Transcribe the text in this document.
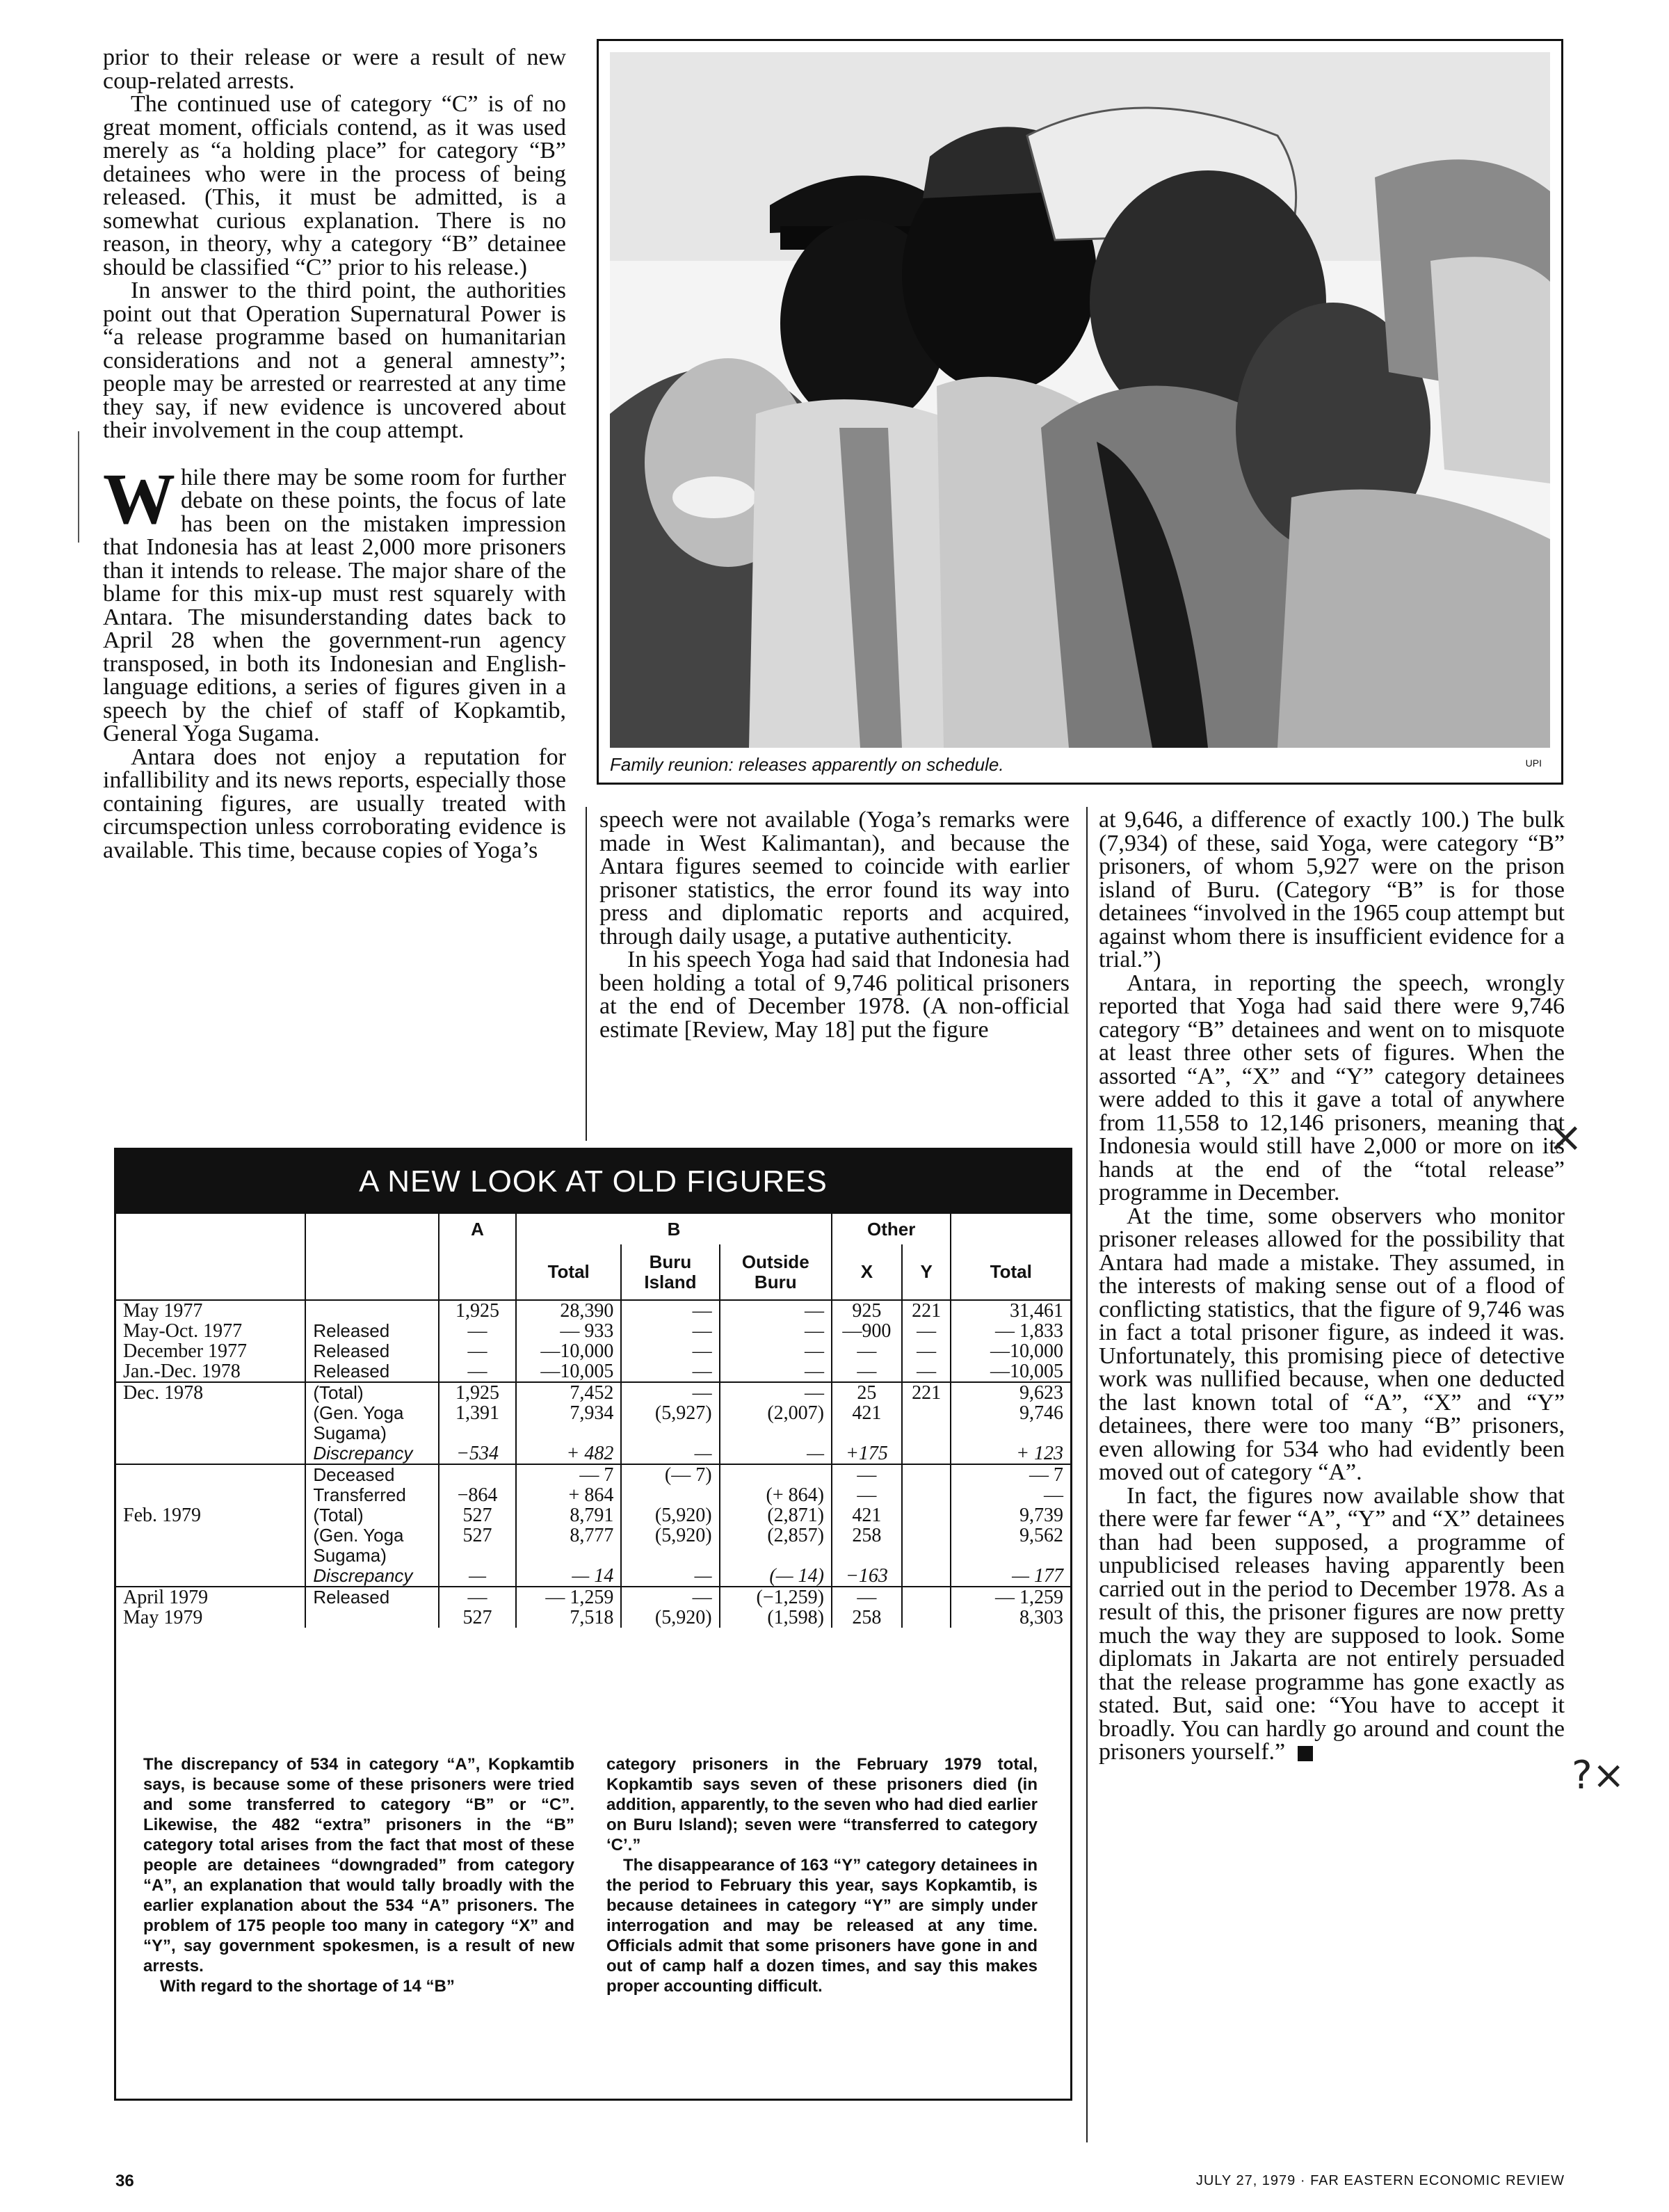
prior to their release or were a result of new coup-related arrests.

The continued use of category “C” is of no great moment, officials contend, as it was used merely as “a holding place” for category “B” detainees who were in the process of being released. (This, it must be admitted, is a somewhat curious explanation. There is no reason, in theory, why a category “B” detainee should be classified “C” prior to his release.)

In answer to the third point, the authorities point out that Operation Supernatural Power is “a release programme based on humanitarian considerations and not a general amnesty”; people may be arrested or rearrested at any time they say, if new evidence is uncovered about their involvement in the coup attempt.

While there may be some room for further debate on these points, the focus of late has been on the mistaken impression that Indonesia has at least 2,000 more prisoners than it intends to release. The major share of the blame for this mix-up must rest squarely with Antara. The misunderstanding dates back to April 28 when the government-run agency transposed, in both its Indonesian and English-language editions, a series of figures given in a speech by the chief of staff of Kopkamtib, General Yoga Sugama.

Antara does not enjoy a reputation for infallibility and its news reports, especially those containing figures, are usually treated with circumspection unless corroborating evidence is available. This time, because copies of Yoga’s

Family reunion: releases apparently on schedule.	UPI

speech were not available (Yoga’s remarks were made in West Kalimantan), and because the Antara figures seemed to coincide with earlier prisoner statistics, the error found its way into press and diplomatic reports and acquired, through daily usage, a putative authenticity.

In his speech Yoga had said that Indonesia had been holding a total of 9,746 political prisoners at the end of December 1978. (A non-official estimate [Review, May 18] put the figure

at 9,646, a difference of exactly 100.) The bulk (7,934) of these, said Yoga, were category “B” prisoners, of whom 5,927 were on the prison island of Buru. (Category “B” is for those detainees “involved in the 1965 coup attempt but against whom there is insufficient evidence for a trial.”)

Antara, in reporting the speech, wrongly reported that Yoga had said there were 9,746 category “B” detainees and went on to misquote at least three other sets of figures. When the assorted “A”, “X” and “Y” category detainees were added to this it gave a total of anywhere from 11,558 to 12,146 prisoners, meaning that Indonesia would still have 2,000 or more on its hands at the end of the “total release” programme in December.

At the time, some observers who monitor prisoner releases allowed for the possibility that Antara had made a mistake. They assumed, in the interests of making sense out of a flood of conflicting statistics, that the figure of 9,746 was in fact a total prisoner figure, as indeed it was. Unfortunately, this promising piece of detective work was nullified because, when one deducted the last known total of “A”, “X” and “Y” detainees, there were too many “B” prisoners, even allowing for 534 who had evidently been moved out of category “A”.

In fact, the figures now available show that there were far fewer “A”, “Y” and “X” detainees than had been supposed, a programme of unpublicised releases having apparently been carried out in the period to December 1978. As a result of this, the prisoner figures are now pretty much the way they are supposed to look. Some diplomats in Jakarta are not entirely persuaded that the release programme has gone exactly as stated. But, said one: “You have to accept it broadly. You can hardly go around and count the prisoners yourself.”	R

A NEW LOOK AT OLD FIGURES
		A	B			Other		
			Total	Buru Island	Outside Buru	X	Y	Total
May 1977		1,925	28,390	—	—	925	221	31,461
May-Oct. 1977	Released	—	— 933	—	—	—900	—	— 1,833
December 1977	Released	—	—10,000	—	—	—	—	—10,000
Jan.-Dec. 1978	Released	—	—10,005	—	—	—	—	—10,005
Dec. 1978	(Total)	1,925	7,452	—	—	25	221	9,623
	(Gen. Yoga Sugama)	1,391	7,934	(5,927)	(2,007)	421		9,746
	Discrepancy	−534	+ 482	—	—	+175		+ 123
	Deceased		— 7	(— 7)		—		— 7
	Transferred	−864	+ 864		(+ 864)	—		—
Feb. 1979	(Total)	527	8,791	(5,920)	(2,871)	421		9,739
	(Gen. Yoga Sugama)	527	8,777	(5,920)	(2,857)	258		9,562
	Discrepancy	—	— 14	—	(— 14)	−163		— 177
April 1979	Released	—	— 1,259	—	(−1,259)	—		— 1,259
May 1979		527	7,518	(5,920)	(1,598)	258		8,303

The discrepancy of 534 in category “A”, Kopkamtib says, is because some of these prisoners were tried and some transferred to category “B” or “C”. Likewise, the 482 “extra” prisoners in the “B” category total arises from the fact that most of these people are detainees “downgraded” from category “A”, an explanation that would tally broadly with the earlier explanation about the 534 “A” prisoners. The problem of 175 people too many in category “X” and “Y”, say government spokesmen, is a result of new arrests.

With regard to the shortage of 14 “B”

category prisoners in the February 1979 total, Kopkamtib says seven of these prisoners died (in addition, apparently, to the seven who had died earlier on Buru Island); seven were “transferred to category ‘C’.”

The disappearance of 163 “Y” category detainees in the period to February this year, says Kopkamtib, is because detainees in category “Y” are simply under interrogation and may be released at any time. Officials admit that some prisoners have gone in and out of camp half a dozen times, and say this makes proper accounting difficult.

⨯
?⨯
36	JULY 27, 1979 · FAR EASTERN ECONOMIC REVIEW
